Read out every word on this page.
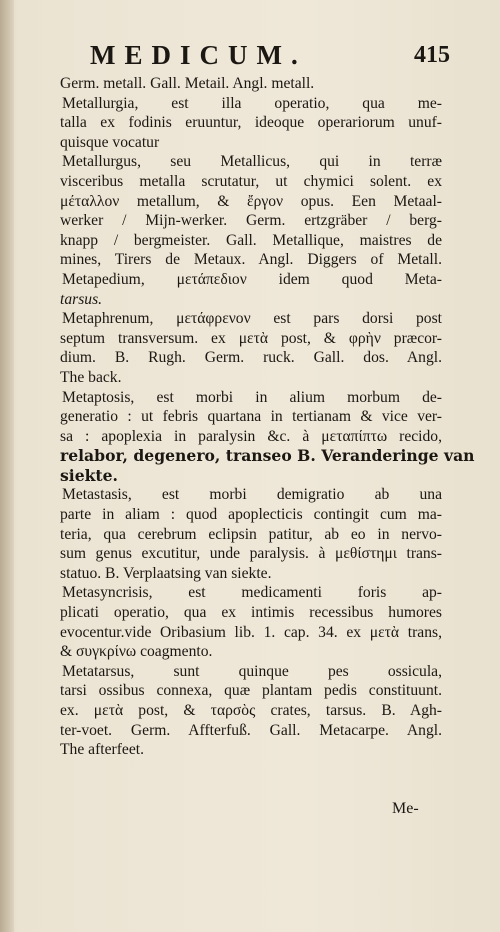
MEDICUM.	415
Germ. metall. Gall. Metail. Angl. metall.
Metallurgia, est illa operatio, qua me-
talla ex fodinis eruuntur, ideoque operariorum unuf-
quisque vocatur
Metallurgus, seu Metallicus, qui in terræ
visceribus metalla scrutatur, ut chymici solent. ex
μέταλλον metallum, & ἔργον opus. Een Metaal-
werker / Mijn-werker. Germ. ertzgräber / berg-
knapp / bergmeister. Gall. Metallique, maistres de
mines, Tirers de Metaux. Angl. Diggers of Metall.
Metapedium, μετάπεδιον idem quod Meta-
tarsus.
Metaphrenum, μετάφρενον est pars dorsi post
septum transversum. ex μετὰ post, & φρὴν præcor-
dium. B. Rugh. Germ. ruck. Gall. dos. Angl.
The back.
Metaptosis, est morbi in alium morbum de-
generatio : ut febris quartana in tertianam & vice ver-
sa : apoplexia in paralysin &c. à μεταπίπτω recido,
relabor, degenero, transeo B. Veranderinge van
siekte.
Metastasis, est morbi demigratio ab una
parte in aliam : quod apoplecticis contingit cum ma-
teria, qua cerebrum eclipsin patitur, ab eo in nervo-
sum genus excutitur, unde paralysis. à μεθίστημι trans-
statuo. B. Verplaatsing van siekte.
Metasyncrisis, est medicamenti foris ap-
plicati operatio, qua ex intimis recessibus humores
evocentur.vide Oribasium lib. 1. cap. 34. ex μετὰ trans,
& συγκρίνω coagmento.
Metatarsus, sunt quinque pes ossicula,
tarsi ossibus connexa, quæ plantam pedis constituunt.
ex. μετὰ post, & ταρσὸς crates, tarsus. B. Agh-
ter-voet. Germ. Affterfuß. Gall. Metacarpe. Angl.
The afterfeet.
Me-
